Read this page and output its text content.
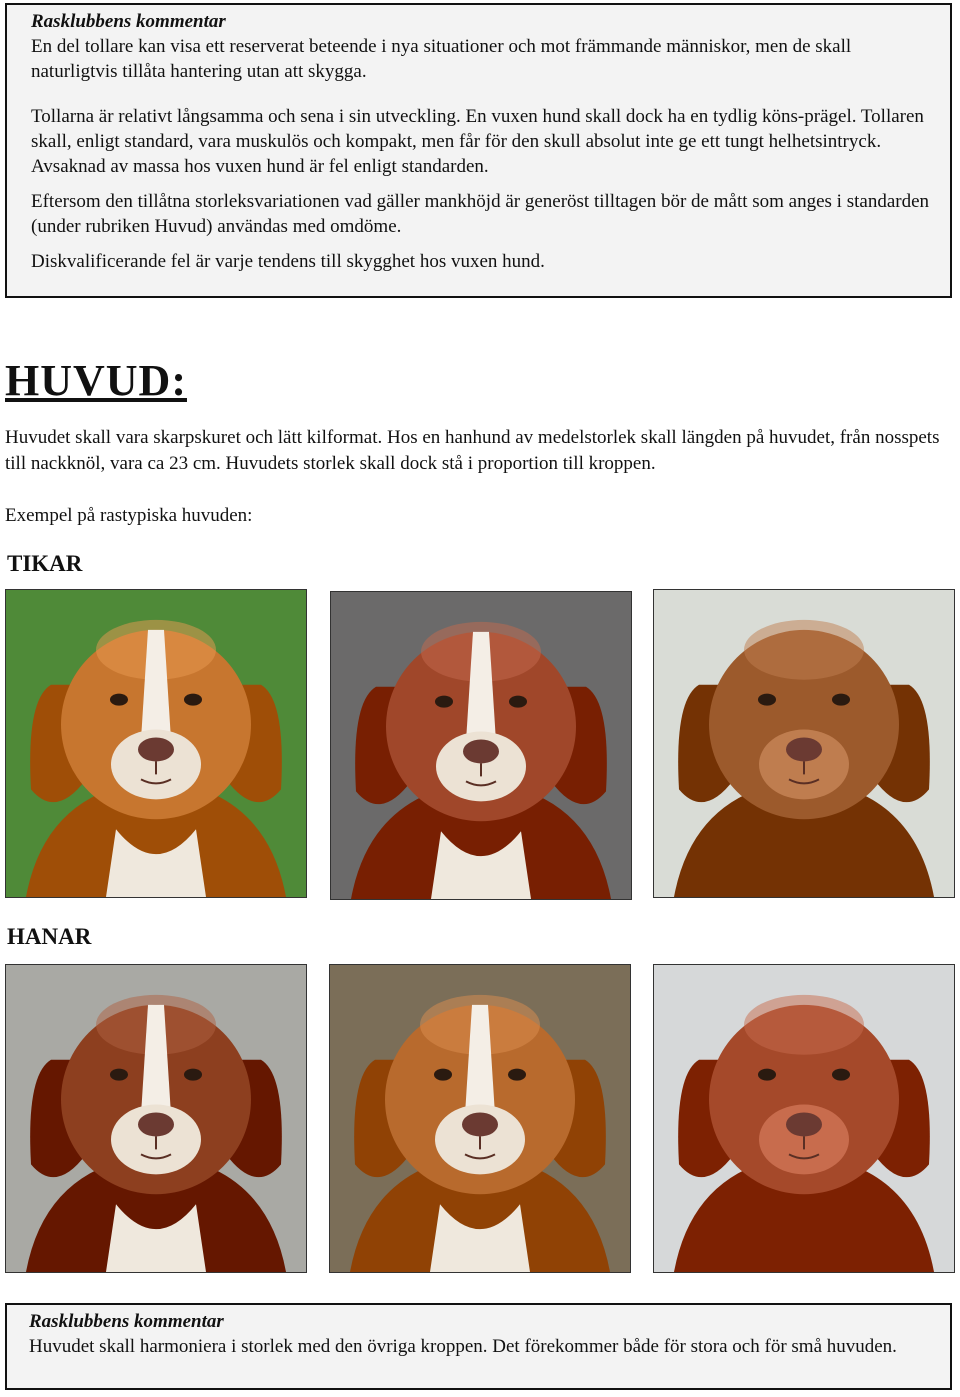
Rasklubbens kommentar

En del tollare kan visa ett reserverat beteende i nya situationer och mot främmande människor, men de skall naturligtvis tillåta hantering utan att skygga.

Tollarna är relativt långsamma och sena i sin utveckling. En vuxen hund skall dock ha en tydlig köns-prägel. Tollaren skall, enligt standard, vara muskulös och kompakt, men får för den skull absolut inte ge ett tungt helhetsintryck. Avsaknad av massa hos vuxen hund är fel enligt standarden.

Eftersom den tillåtna storleksvariationen vad gäller mankhöjd är generöst tilltagen bör de mått som anges i standarden (under rubriken Huvud) användas med omdöme.

Diskvalificerande fel är varje tendens till skygghet hos vuxen hund.

HUVUD:

Huvudet skall vara skarpskuret och lätt kilformat. Hos en hanhund av medelstorlek skall längden på huvudet, från nosspets till nackknöl, vara ca 23 cm. Huvudets storlek skall dock stå i proportion till kroppen.

Exempel på rastypiska huvuden:

TIKAR

HANAR

Rasklubbens kommentar

Huvudet skall harmoniera i storlek med den övriga kroppen. Det förekommer både för stora och för små huvuden.
